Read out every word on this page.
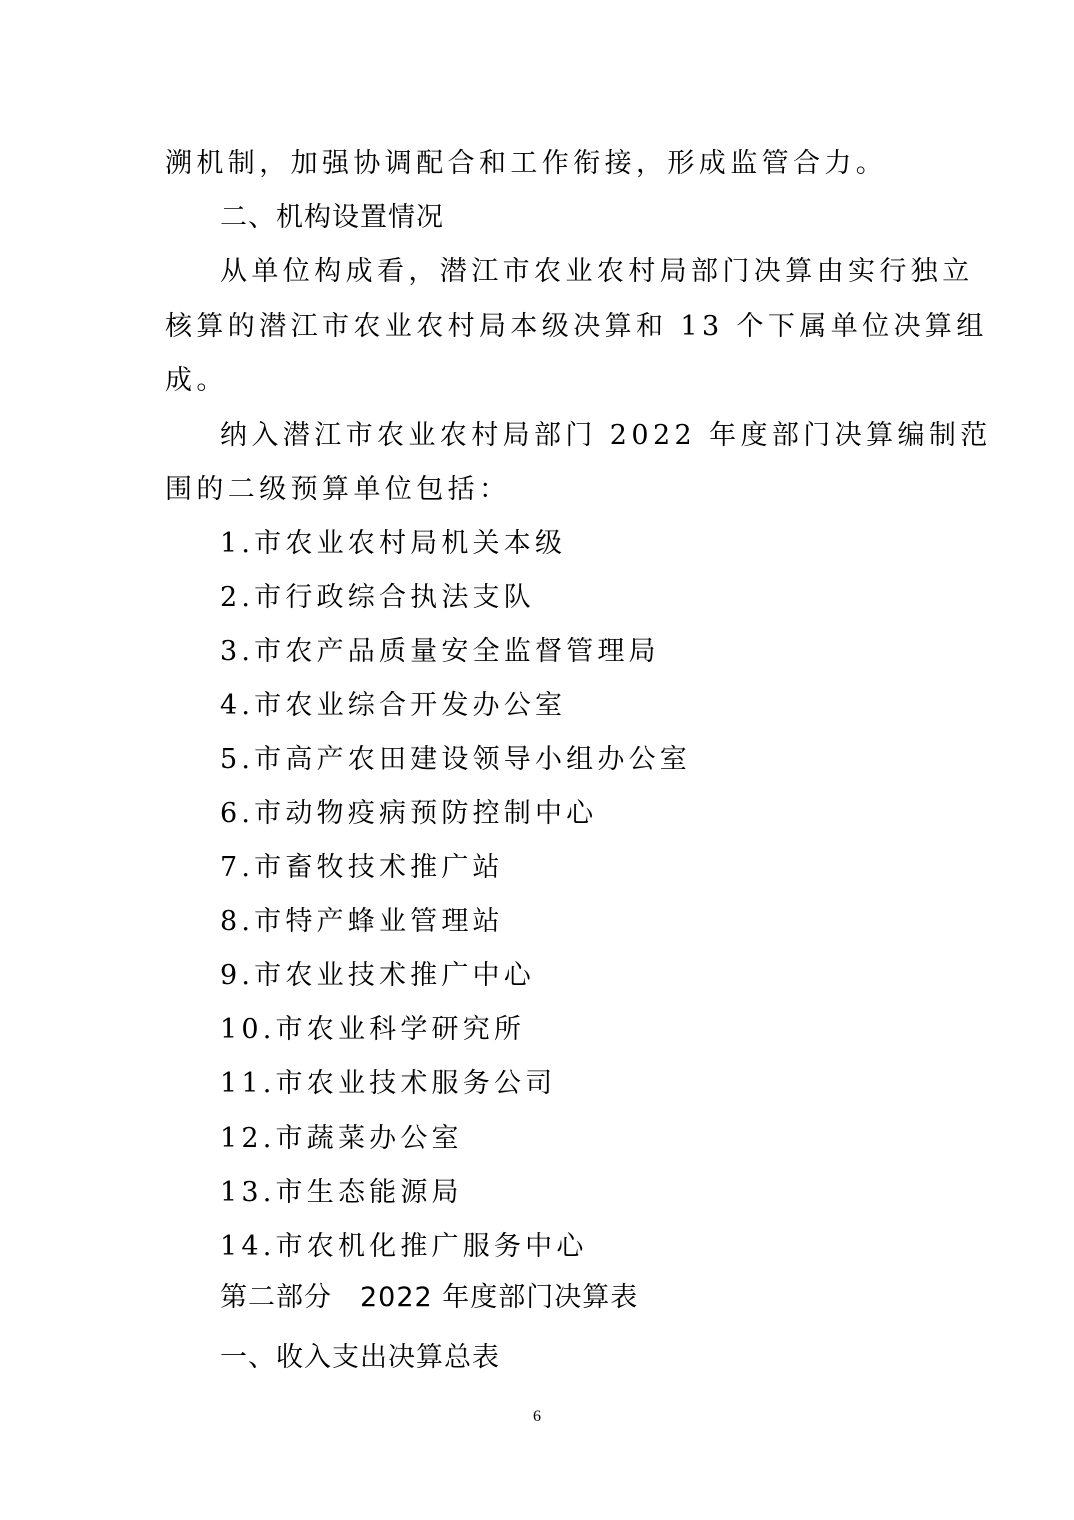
溯机制，加强协调配合和工作衔接，形成监管合力。
二、机构设置情况
从单位构成看，潜江市农业农村局部门决算由实行独立
核算的潜江市农业农村局本级决算和 13 个下属单位决算组
成。
纳入潜江市农业农村局部门 2022 年度部门决算编制范
围的二级预算单位包括：
1.市农业农村局机关本级
2.市行政综合执法支队
3.市农产品质量安全监督管理局
4.市农业综合开发办公室
5.市高产农田建设领导小组办公室
6.市动物疫病预防控制中心
7.市畜牧技术推广站
8.市特产蜂业管理站
9.市农业技术推广中心
10.市农业科学研究所
11.市农业技术服务公司
12.市蔬菜办公室
13.市生态能源局
14.市农机化推广服务中心
第二部分　2022 年度部门决算表
一、收入支出决算总表
6
